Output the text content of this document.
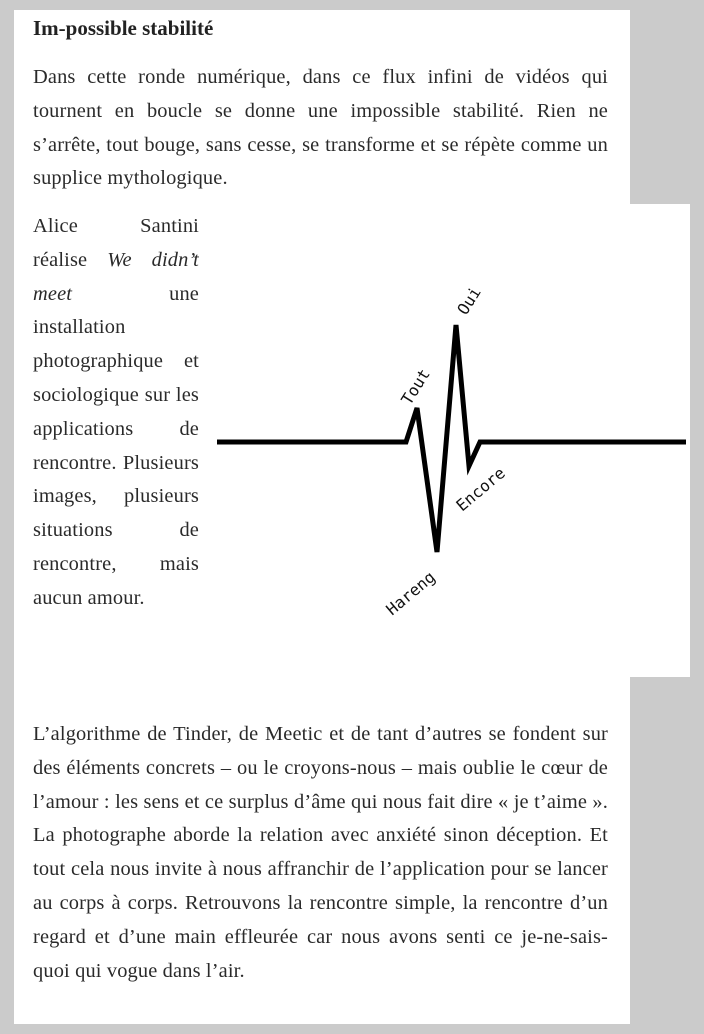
Im-possible stabilité

Dans cette ronde numérique, dans ce flux infini de vidéos qui tournent en boucle se donne une impossible stabilité. Rien ne s’arrête, tout bouge, sans cesse, se transforme et se répète comme un supplice mythologique.

Alice Santini réalise We didn’t meet une installation photographique et sociologique sur les applications de rencontre. Plusieurs images, plusieurs situations de rencontre, mais aucun amour.

Tout
Oui
Encore
Hareng

L’algorithme de Tinder, de Meetic et de tant d’autres se fondent sur des éléments concrets – ou le croyons-nous – mais oublie le cœur de l’amour : les sens et ce surplus d’âme qui nous fait dire « je t’aime ». La photographe aborde la relation avec anxiété sinon déception. Et tout cela nous invite à nous affranchir de l’application pour se lancer au corps à corps. Retrouvons la rencontre simple, la rencontre d’un regard et d’une main effleurée car nous avons senti ce je-ne-sais-quoi qui vogue dans l’air.
